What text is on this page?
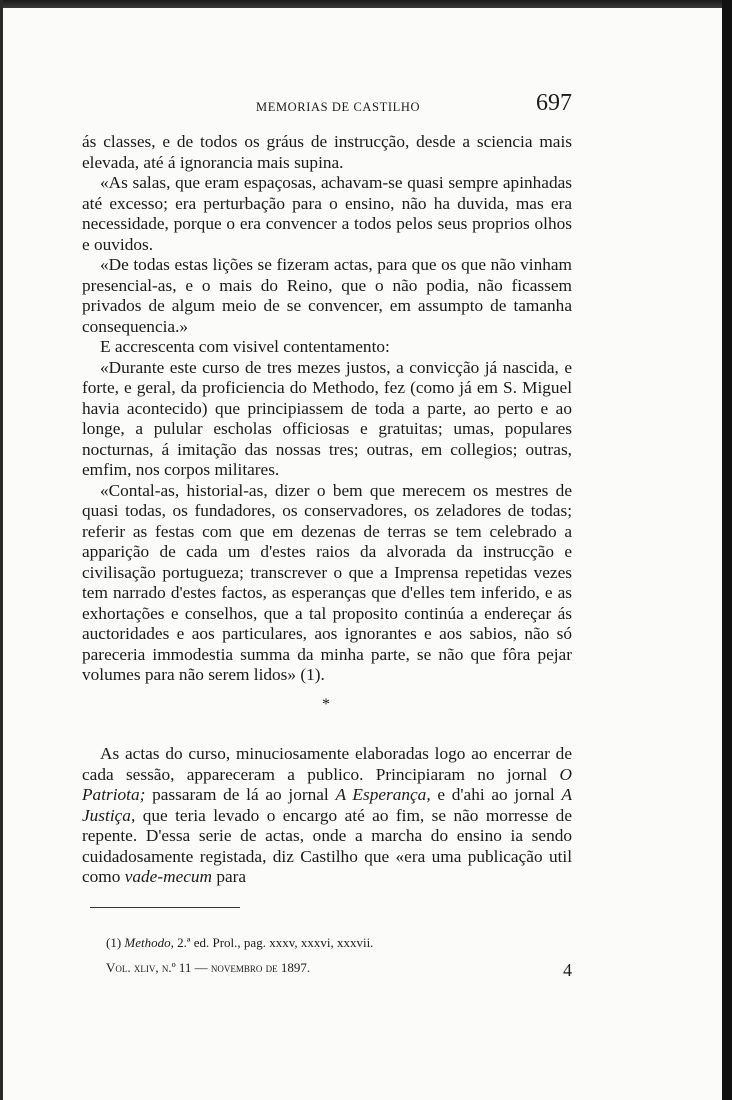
MEMORIAS DE CASTILHO	697

ás classes, e de todos os gráus de instrucção, desde a sciencia mais elevada, até á ignorancia mais supina.

«As salas, que eram espaçosas, achavam-se quasi sempre apinhadas até excesso; era perturbação para o ensino, não ha duvida, mas era necessidade, porque o era convencer a todos pelos seus proprios olhos e ouvidos.

«De todas estas lições se fizeram actas, para que os que não vinham presencial-as, e o mais do Reino, que o não podia, não ficassem privados de algum meio de se convencer, em assumpto de tamanha consequencia.»

E accrescenta com visivel contentamento:

«Durante este curso de tres mezes justos, a convicção já nascida, e forte, e geral, da proficiencia do Methodo, fez (como já em S. Miguel havia acontecido) que principiassem de toda a parte, ao perto e ao longe, a pulular escholas officiosas e gratuitas; umas, populares nocturnas, á imitação das nossas tres; outras, em collegios; outras, emfim, nos corpos militares.

«Contal-as, historial-as, dizer o bem que merecem os mestres de quasi todas, os fundadores, os conservadores, os zeladores de todas; referir as festas com que em dezenas de terras se tem celebrado a apparição de cada um d'estes raios da alvorada da instrucção e civilisação portugueza; transcrever o que a Imprensa repetidas vezes tem narrado d'estes factos, as esperanças que d'elles tem inferido, e as exhortações e conselhos, que a tal proposito continúa a endereçar ás auctoridades e aos particulares, aos ignorantes e aos sabios, não só pareceria immodestia summa da minha parte, se não que fôra pejar volumes para não serem lidos» (1).

*

As actas do curso, minuciosamente elaboradas logo ao encerrar de cada sessão, appareceram a publico. Principiaram no jornal O Patriota; passaram de lá ao jornal A Esperança, e d'ahi ao jornal A Justiça, que teria levado o encargo até ao fim, se não morresse de repente. D'essa serie de actas, onde a marcha do ensino ia sendo cuidadosamente registada, diz Castilho que «era uma publicação util como vade-mecum para

(1) Methodo, 2.ª ed. Prol., pag. xxxv, xxxvi, xxxvii.
Vol. xliv, n.º 11 — novembro de 1897.	4
